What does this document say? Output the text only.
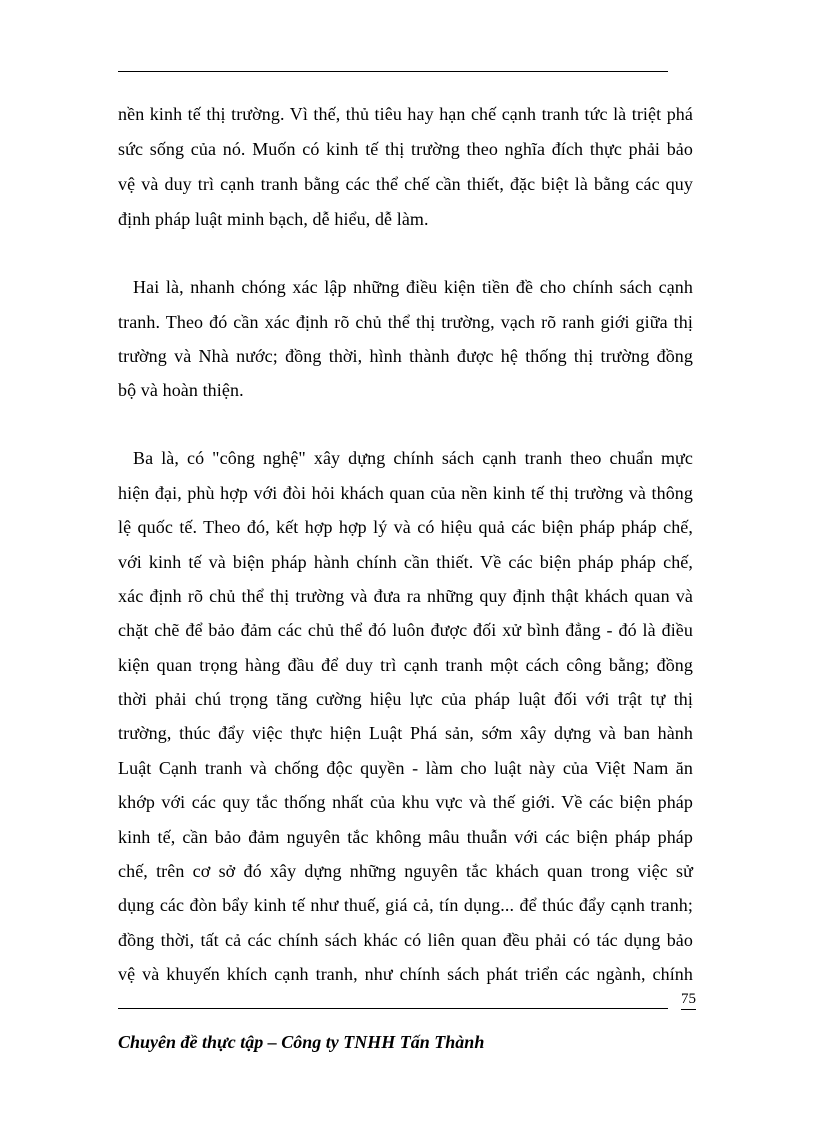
nền kinh tế thị trường. Vì thế, thủ tiêu hay hạn chế cạnh tranh tức là triệt phá
sức sống của nó. Muốn có kinh tế thị trường theo nghĩa đích thực phải bảo
vệ và duy trì cạnh tranh bằng các thể chế cần thiết, đặc biệt là bằng các quy
định pháp luật minh bạch, dễ hiểu, dễ làm.
Hai là, nhanh chóng xác lập những điều kiện tiền đề cho chính sách cạnh
tranh. Theo đó cần xác định rõ chủ thể thị trường, vạch rõ ranh giới giữa thị
trường và Nhà nước; đồng thời, hình thành được hệ thống thị trường đồng
bộ và hoàn thiện.
Ba là, có "công nghệ" xây dựng chính sách cạnh tranh theo chuẩn mực
hiện đại, phù hợp với đòi hỏi khách quan của nền kinh tế thị trường và thông
lệ quốc tế. Theo đó, kết hợp hợp lý và có hiệu quả các biện pháp pháp chế,
với kinh tế và biện pháp hành chính cần thiết. Về các biện pháp pháp chế,
xác định rõ chủ thể thị trường và đưa ra những quy định thật khách quan và
chặt chẽ để bảo đảm các chủ thể đó luôn được đối xử bình đẳng - đó là điều
kiện quan trọng hàng đầu để duy trì cạnh tranh một cách công bằng; đồng
thời phải chú trọng tăng cường hiệu lực của pháp luật đối với trật tự thị
trường, thúc đẩy việc thực hiện Luật Phá sản, sớm xây dựng và ban hành
Luật Cạnh tranh và chống độc quyền - làm cho luật này của Việt Nam ăn
khớp với các quy tắc thống nhất của khu vực và thế giới. Về các biện pháp
kinh tế, cần bảo đảm nguyên tắc không mâu thuẫn với các biện pháp pháp
chế, trên cơ sở đó xây dựng những nguyên tắc khách quan trong việc sử
dụng các đòn bẩy kinh tế như thuế, giá cả, tín dụng... để thúc đẩy cạnh tranh;
đồng thời, tất cả các chính sách khác có liên quan đều phải có tác dụng bảo
vệ và khuyến khích cạnh tranh, như chính sách phát triển các ngành, chính
75
Chuyên đề thực tập – Công ty TNHH Tấn Thành
